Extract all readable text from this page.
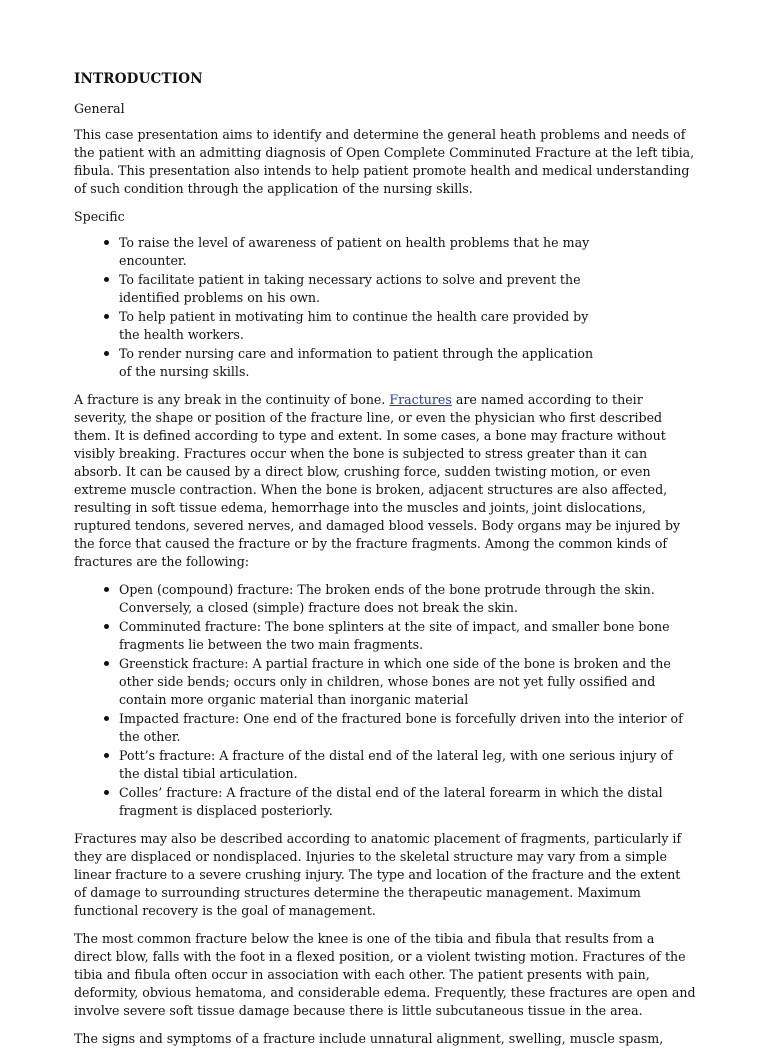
INTRODUCTION

General

This case presentation aims to identify and determine the general heath problems and needs of the patient with an admitting diagnosis of Open Complete Comminuted Fracture at the left tibia, fibula. This presentation also intends to help patient promote health and medical understanding of such condition through the application of the nursing skills.

Specific

To raise the level of awareness of patient on health problems that he may encounter.
To facilitate patient in taking necessary actions to solve and prevent the identified problems on his own.
To help patient in motivating him to continue the health care provided by the health workers.
To render nursing care and information to patient through the application of the nursing skills.

A fracture is any break in the continuity of bone. Fractures are named according to their severity, the shape or position of the fracture line, or even the physician who first described them. It is defined according to type and extent. In some cases, a bone may fracture without visibly breaking. Fractures occur when the bone is subjected to stress greater than it can absorb. It can be caused by a direct blow, crushing force, sudden twisting motion, or even extreme muscle contraction. When the bone is broken, adjacent structures are also affected, resulting in soft tissue edema, hemorrhage into the muscles and joints, joint dislocations, ruptured tendons, severed nerves, and damaged blood vessels. Body organs may be injured by the force that caused the fracture or by the fracture fragments. Among the common kinds of fractures are the following:

Open (compound) fracture: The broken ends of the bone protrude through the skin. Conversely, a closed (simple) fracture does not break the skin.
Comminuted fracture: The bone splinters at the site of impact, and smaller bone bone fragments lie between the two main fragments.
Greenstick fracture: A partial fracture in which one side of the bone is broken and the other side bends; occurs only in children, whose bones are not yet fully ossified and contain more organic material than inorganic material
Impacted fracture: One end of the fractured bone is forcefully driven into the interior of the other.
Pott’s fracture: A fracture of the distal end of the lateral leg, with one serious injury of the distal tibial articulation.
Colles’ fracture: A fracture of the distal end of the lateral forearm in which the distal fragment is displaced posteriorly.

Fractures may also be described according to anatomic placement of fragments, particularly if they are displaced or nondisplaced. Injuries to the skeletal structure may vary from a simple linear fracture to a severe crushing injury. The type and location of the fracture and the extent of damage to surrounding structures determine the therapeutic management. Maximum functional recovery is the goal of management.

The most common fracture below the knee is one of the tibia and fibula that results from a direct blow, falls with the foot in a flexed position, or a violent twisting motion. Fractures of the tibia and fibula often occur in association with each other. The patient presents with pain, deformity, obvious hematoma, and considerable edema. Frequently, these fractures are open and involve severe soft tissue damage because there is little subcutaneous tissue in the area.

The signs and symptoms of a fracture include unnatural alignment, swelling, muscle spasm,
